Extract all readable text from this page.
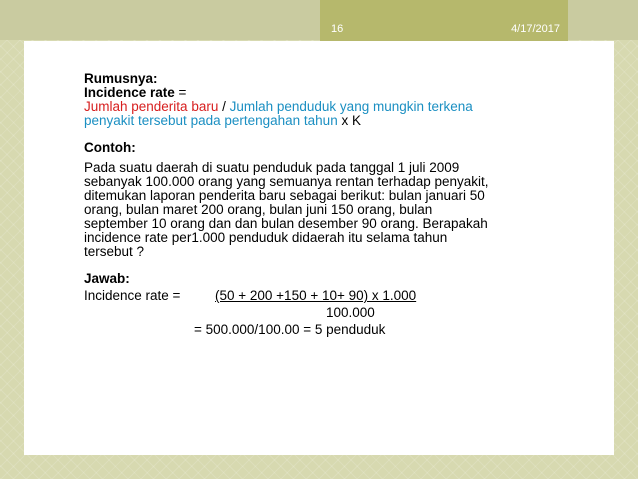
16	4/17/2017

Rumusnya:

Incidence rate =

Jumlah penderita baru / Jumlah penduduk yang mungkin terkena

penyakit tersebut pada pertengahan tahun x K

Contoh:

Pada suatu daerah di suatu penduduk pada tanggal 1 juli 2009

sebanyak 100.000 orang yang semuanya rentan terhadap penyakit,

ditemukan laporan penderita baru sebagai berikut: bulan januari 50

orang, bulan maret 200 orang, bulan juni 150 orang, bulan

september 10 orang dan dan bulan desember 90 orang. Berapakah

incidence rate per1.000 penduduk didaerah itu selama tahun

tersebut ?

Jawab:

Incidence rate =	(50 + 200 +150 + 10+ 90) x 1.000
100.000
= 500.000/100.00 = 5 penduduk
